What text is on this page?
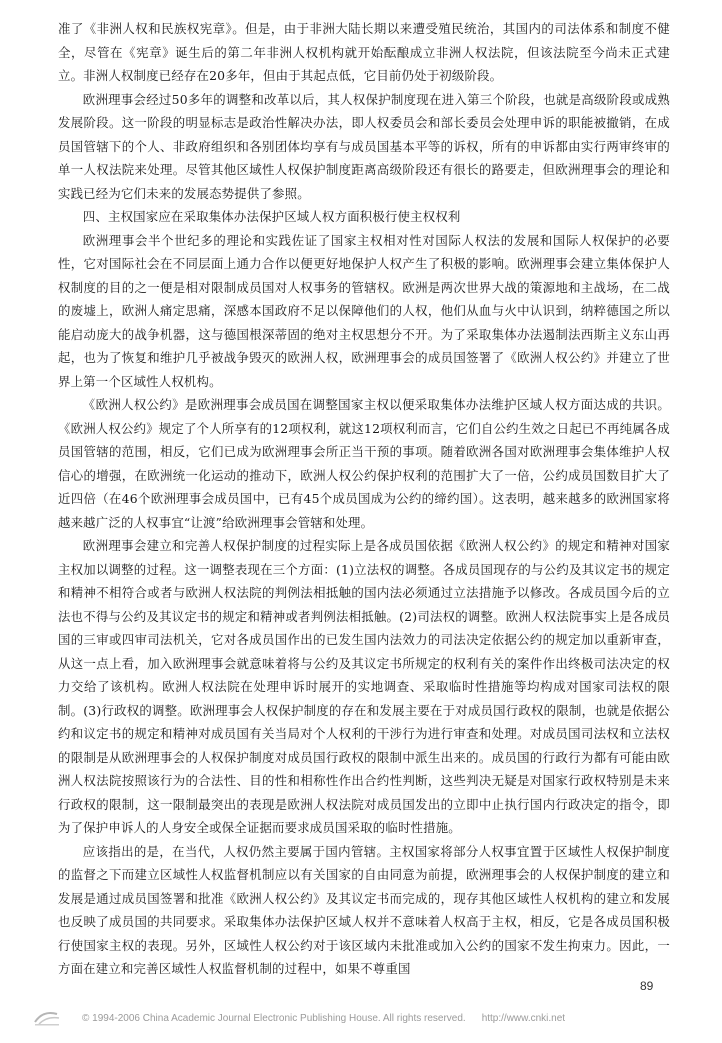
准了《非洲人权和民族权宪章》。但是，由于非洲大陆长期以来遭受殖民统治，其国内的司法体系和制度不健全，尽管在《宪章》诞生后的第二年非洲人权机构就开始酝酿成立非洲人权法院，但该法院至今尚未正式建立。非洲人权制度已经存在20多年，但由于其起点低，它目前仍处于初级阶段。

欧洲理事会经过50多年的调整和改革以后，其人权保护制度现在进入第三个阶段，也就是高级阶段或成熟发展阶段。这一阶段的明显标志是政治性解决办法，即人权委员会和部长委员会处理申诉的职能被撤销，在成员国管辖下的个人、非政府组织和各别团体均享有与成员国基本平等的诉权，所有的申诉都由实行两审终审的单一人权法院来处理。尽管其他区域性人权保护制度距离高级阶段还有很长的路要走，但欧洲理事会的理论和实践已经为它们未来的发展态势提供了参照。

四、主权国家应在采取集体办法保护区域人权方面积极行使主权权利

欧洲理事会半个世纪多的理论和实践佐证了国家主权相对性对国际人权法的发展和国际人权保护的必要性，它对国际社会在不同层面上通力合作以便更好地保护人权产生了积极的影响。欧洲理事会建立集体保护人权制度的目的之一便是相对限制成员国对人权事务的管辖权。欧洲是两次世界大战的策源地和主战场，在二战的废墟上，欧洲人痛定思痛，深感本国政府不足以保障他们的人权，他们从血与火中认识到，纳粹德国之所以能启动庞大的战争机器，这与德国根深蒂固的绝对主权思想分不开。为了采取集体办法遏制法西斯主义东山再起，也为了恢复和维护几乎被战争毁灭的欧洲人权，欧洲理事会的成员国签署了《欧洲人权公约》并建立了世界上第一个区域性人权机构。

《欧洲人权公约》是欧洲理事会成员国在调整国家主权以便采取集体办法维护区域人权方面达成的共识。《欧洲人权公约》规定了个人所享有的12项权利，就这12项权利而言，它们自公约生效之日起已不再纯属各成员国管辖的范围，相反，它们已成为欧洲理事会所正当干预的事项。随着欧洲各国对欧洲理事会集体维护人权信心的增强，在欧洲统一化运动的推动下，欧洲人权公约保护权利的范围扩大了一倍，公约成员国数目扩大了近四倍（在46个欧洲理事会成员国中，已有45个成员国成为公约的缔约国）。这表明，越来越多的欧洲国家将越来越广泛的人权事宜“让渡”给欧洲理事会管辖和处理。

欧洲理事会建立和完善人权保护制度的过程实际上是各成员国依据《欧洲人权公约》的规定和精神对国家主权加以调整的过程。这一调整表现在三个方面：(1)立法权的调整。各成员国现存的与公约及其议定书的规定和精神不相符合或者与欧洲人权法院的判例法相抵触的国内法必须通过立法措施予以修改。各成员国今后的立法也不得与公约及其议定书的规定和精神或者判例法相抵触。(2)司法权的调整。欧洲人权法院事实上是各成员国的三审或四审司法机关，它对各成员国作出的已发生国内法效力的司法决定依据公约的规定加以重新审查，从这一点上看，加入欧洲理事会就意味着将与公约及其议定书所规定的权利有关的案件作出终极司法决定的权力交给了该机构。欧洲人权法院在处理申诉时展开的实地调查、采取临时性措施等均构成对国家司法权的限制。(3)行政权的调整。欧洲理事会人权保护制度的存在和发展主要在于对成员国行政权的限制，也就是依据公约和议定书的规定和精神对成员国有关当局对个人权利的干涉行为进行审查和处理。对成员国司法权和立法权的限制是从欧洲理事会的人权保护制度对成员国行政权的限制中派生出来的。成员国的行政行为都有可能由欧洲人权法院按照该行为的合法性、目的性和相称性作出合约性判断，这些判决无疑是对国家行政权特别是未来行政权的限制，这一限制最突出的表现是欧洲人权法院对成员国发出的立即中止执行国内行政决定的指令，即为了保护申诉人的人身安全或保全证据而要求成员国采取的临时性措施。

应该指出的是，在当代，人权仍然主要属于国内管辖。主权国家将部分人权事宜置于区域性人权保护制度的监督之下而建立区域性人权监督机制应以有关国家的自由同意为前提，欧洲理事会的人权保护制度的建立和发展是通过成员国签署和批准《欧洲人权公约》及其议定书而完成的，现存其他区域性人权机构的建立和发展也反映了成员国的共同要求。采取集体办法保护区域人权并不意味着人权高于主权，相反，它是各成员国积极行使国家主权的表现。另外，区域性人权公约对于该区域内未批准或加入公约的国家不发生拘束力。因此，一方面在建立和完善区域性人权监督机制的过程中，如果不尊重国

89
© 1994-2006 China Academic Journal Electronic Publishing House. All rights reserved. http://www.cnki.net
